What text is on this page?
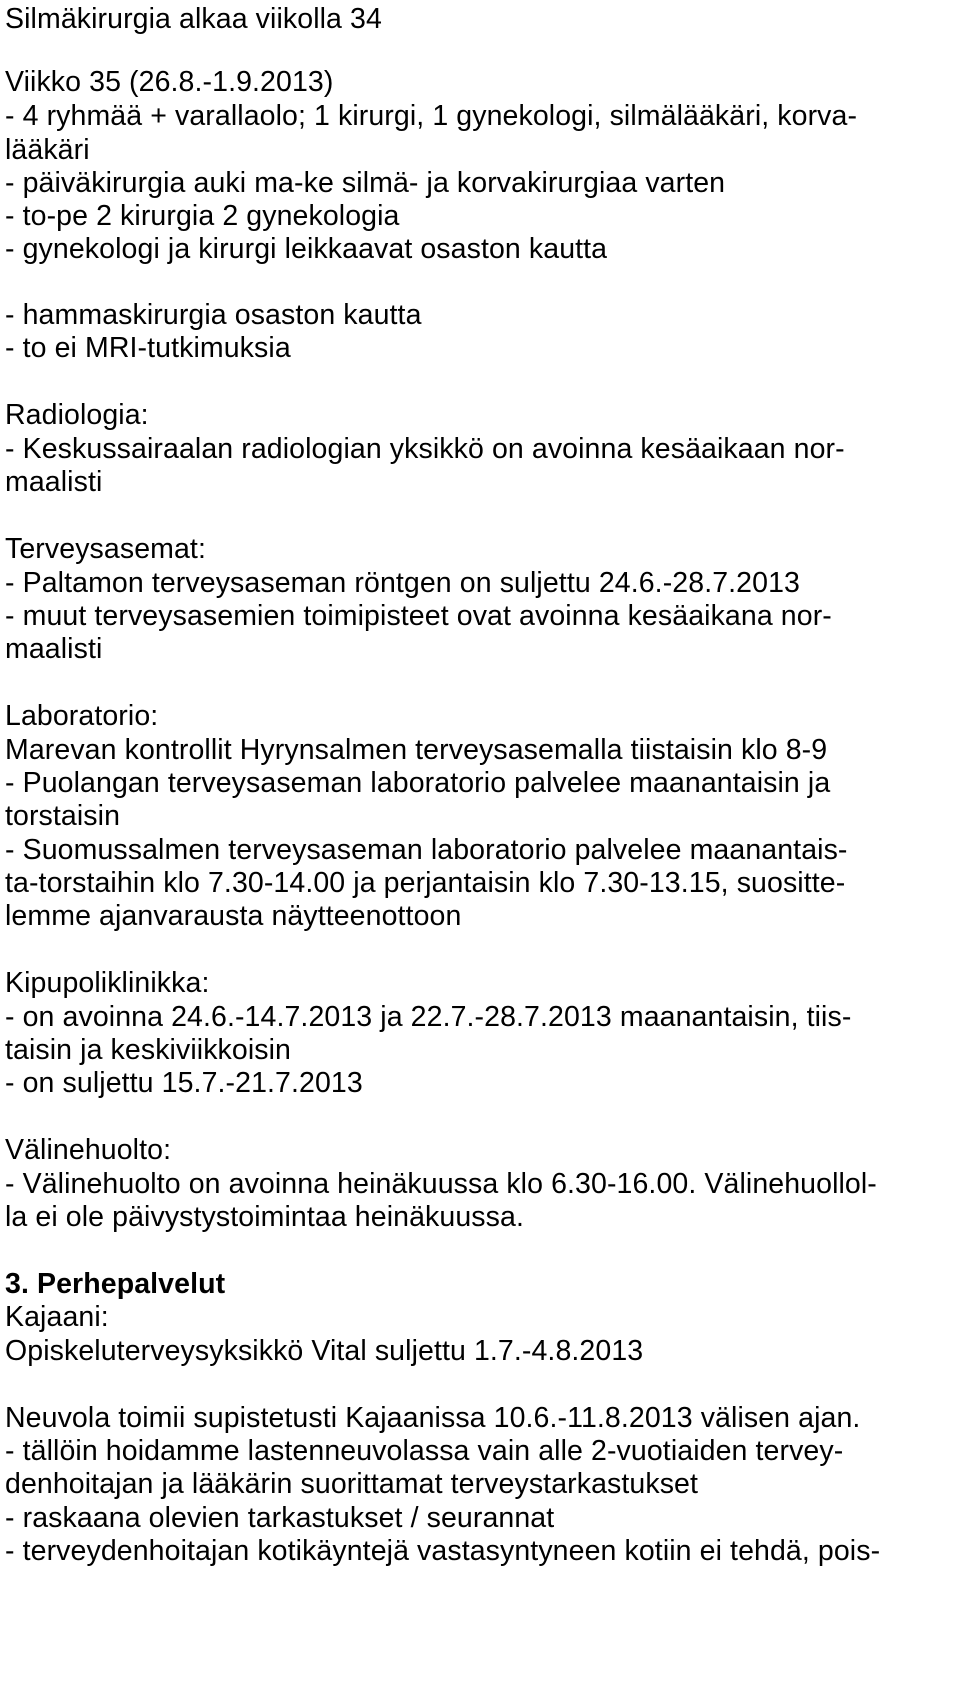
Silmäkirurgia alkaa viikolla 34
Viikko 35 (26.8.-1.9.2013)
- 4 ryhmää + varallaolo; 1 kirurgi, 1 gynekologi, silmälääkäri, korva-
lääkäri
- päiväkirurgia auki ma-ke silmä- ja korvakirurgiaa varten
- to-pe 2 kirurgia 2 gynekologia
- gynekologi ja kirurgi leikkaavat osaston kautta
- hammaskirurgia osaston kautta
- to ei MRI-tutkimuksia
Radiologia:
- Keskussairaalan radiologian yksikkö on avoinna kesäaikaan nor-
maalisti
Terveysasemat:
- Paltamon terveysaseman röntgen on suljettu 24.6.-28.7.2013
- muut terveysasemien toimipisteet ovat avoinna kesäaikana nor-
maalisti
Laboratorio:
Marevan kontrollit Hyrynsalmen terveysasemalla tiistaisin klo 8-9
- Puolangan terveysaseman laboratorio palvelee maanantaisin ja
torstaisin
- Suomussalmen terveysaseman laboratorio palvelee maanantais-
ta-torstaihin klo 7.30-14.00 ja perjantaisin klo 7.30-13.15, suositte-
lemme ajanvarausta näytteenottoon
Kipupoliklinikka:
- on avoinna 24.6.-14.7.2013 ja 22.7.-28.7.2013 maanantaisin, tiis-
taisin ja keskiviikkoisin
- on suljettu 15.7.-21.7.2013
Välinehuolto:
- Välinehuolto on avoinna heinäkuussa klo 6.30-16.00. Välinehuollol-
la ei ole päivystystoimintaa heinäkuussa.
3. Perhepalvelut
Kajaani:
Opiskeluterveysyksikkö Vital suljettu 1.7.-4.8.2013
Neuvola toimii supistetusti Kajaanissa 10.6.-11.8.2013 välisen ajan.
- tällöin hoidamme lastenneuvolassa vain alle 2-vuotiaiden tervey-
denhoitajan ja lääkärin suorittamat terveystarkastukset
- raskaana olevien tarkastukset / seurannat
- terveydenhoitajan kotikäyntejä vastasyntyneen kotiin ei tehdä, pois-
